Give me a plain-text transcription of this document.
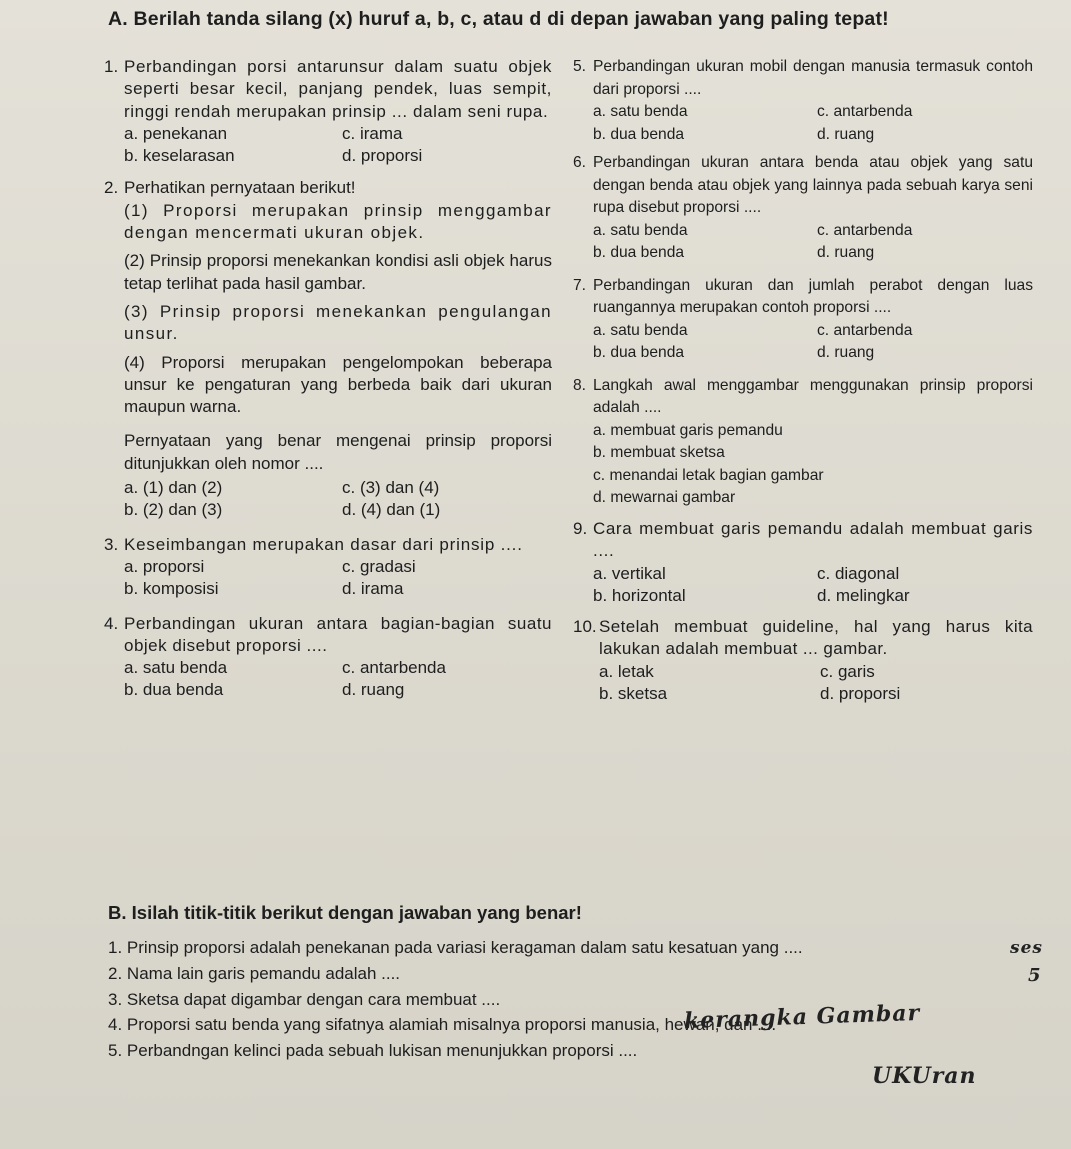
A. Berilah tanda silang (x) huruf a, b, c, atau d di depan jawaban yang paling tepat!
1. Perbandingan porsi antarunsur dalam suatu objek seperti besar kecil, panjang pendek, luas sempit, ringgi rendah merupakan prinsip ... dalam seni rupa.
a. penekanan	c. irama
b. keselarasan	d. proporsi
2. Perhatikan pernyataan berikut!
(1) Proporsi merupakan prinsip menggambar dengan mencermati ukuran objek.
(2) Prinsip proporsi menekankan kondisi asli objek harus tetap terlihat pada hasil gambar.
(3) Prinsip proporsi menekankan pengulangan unsur.
(4) Proporsi merupakan pengelompokan beberapa unsur ke pengaturan yang berbeda baik dari ukuran maupun warna.
Pernyataan yang benar mengenai prinsip proporsi ditunjukkan oleh nomor ....
a. (1) dan (2)	c. (3) dan (4)
b. (2) dan (3)	d. (4) dan (1)
3. Keseimbangan merupakan dasar dari prinsip ....
a. proporsi	c. gradasi
b. komposisi	d. irama
4. Perbandingan ukuran antara bagian-bagian suatu objek disebut proporsi ....
a. satu benda	c. antarbenda
b. dua benda	d. ruang
5. Perbandingan ukuran mobil dengan manusia termasuk contoh dari proporsi ....
a. satu benda	c. antarbenda
b. dua benda	d. ruang
6. Perbandingan ukuran antara benda atau objek yang satu dengan benda atau objek yang lainnya pada sebuah karya seni rupa disebut proporsi ....
a. satu benda	c. antarbenda
b. dua benda	d. ruang
7. Perbandingan ukuran dan jumlah perabot dengan luas ruangannya merupakan contoh proporsi ....
a. satu benda	c. antarbenda
b. dua benda	d. ruang
8. Langkah awal menggambar menggunakan prinsip proporsi adalah ....
a. membuat garis pemandu
b. membuat sketsa
c. menandai letak bagian gambar
d. mewarnai gambar
9. Cara membuat garis pemandu adalah membuat garis ....
a. vertikal	c. diagonal
b. horizontal	d. melingkar
10. Setelah membuat guideline, hal yang harus kita lakukan adalah membuat ... gambar.
a. letak	c. garis
b. sketsa	d. proporsi
B. Isilah titik-titik berikut dengan jawaban yang benar!
1. Prinsip proporsi adalah penekanan pada variasi keragaman dalam satu kesatuan yang ....
2. Nama lain garis pemandu adalah ....
3. Sketsa dapat digambar dengan cara membuat ....
4. Proporsi satu benda yang sifatnya alamiah misalnya proporsi manusia, hewan, dan ....
5. Perbandngan kelinci pada sebuah lukisan menunjukkan proporsi ....
kerangka Gambar
UKUran
ses
5
